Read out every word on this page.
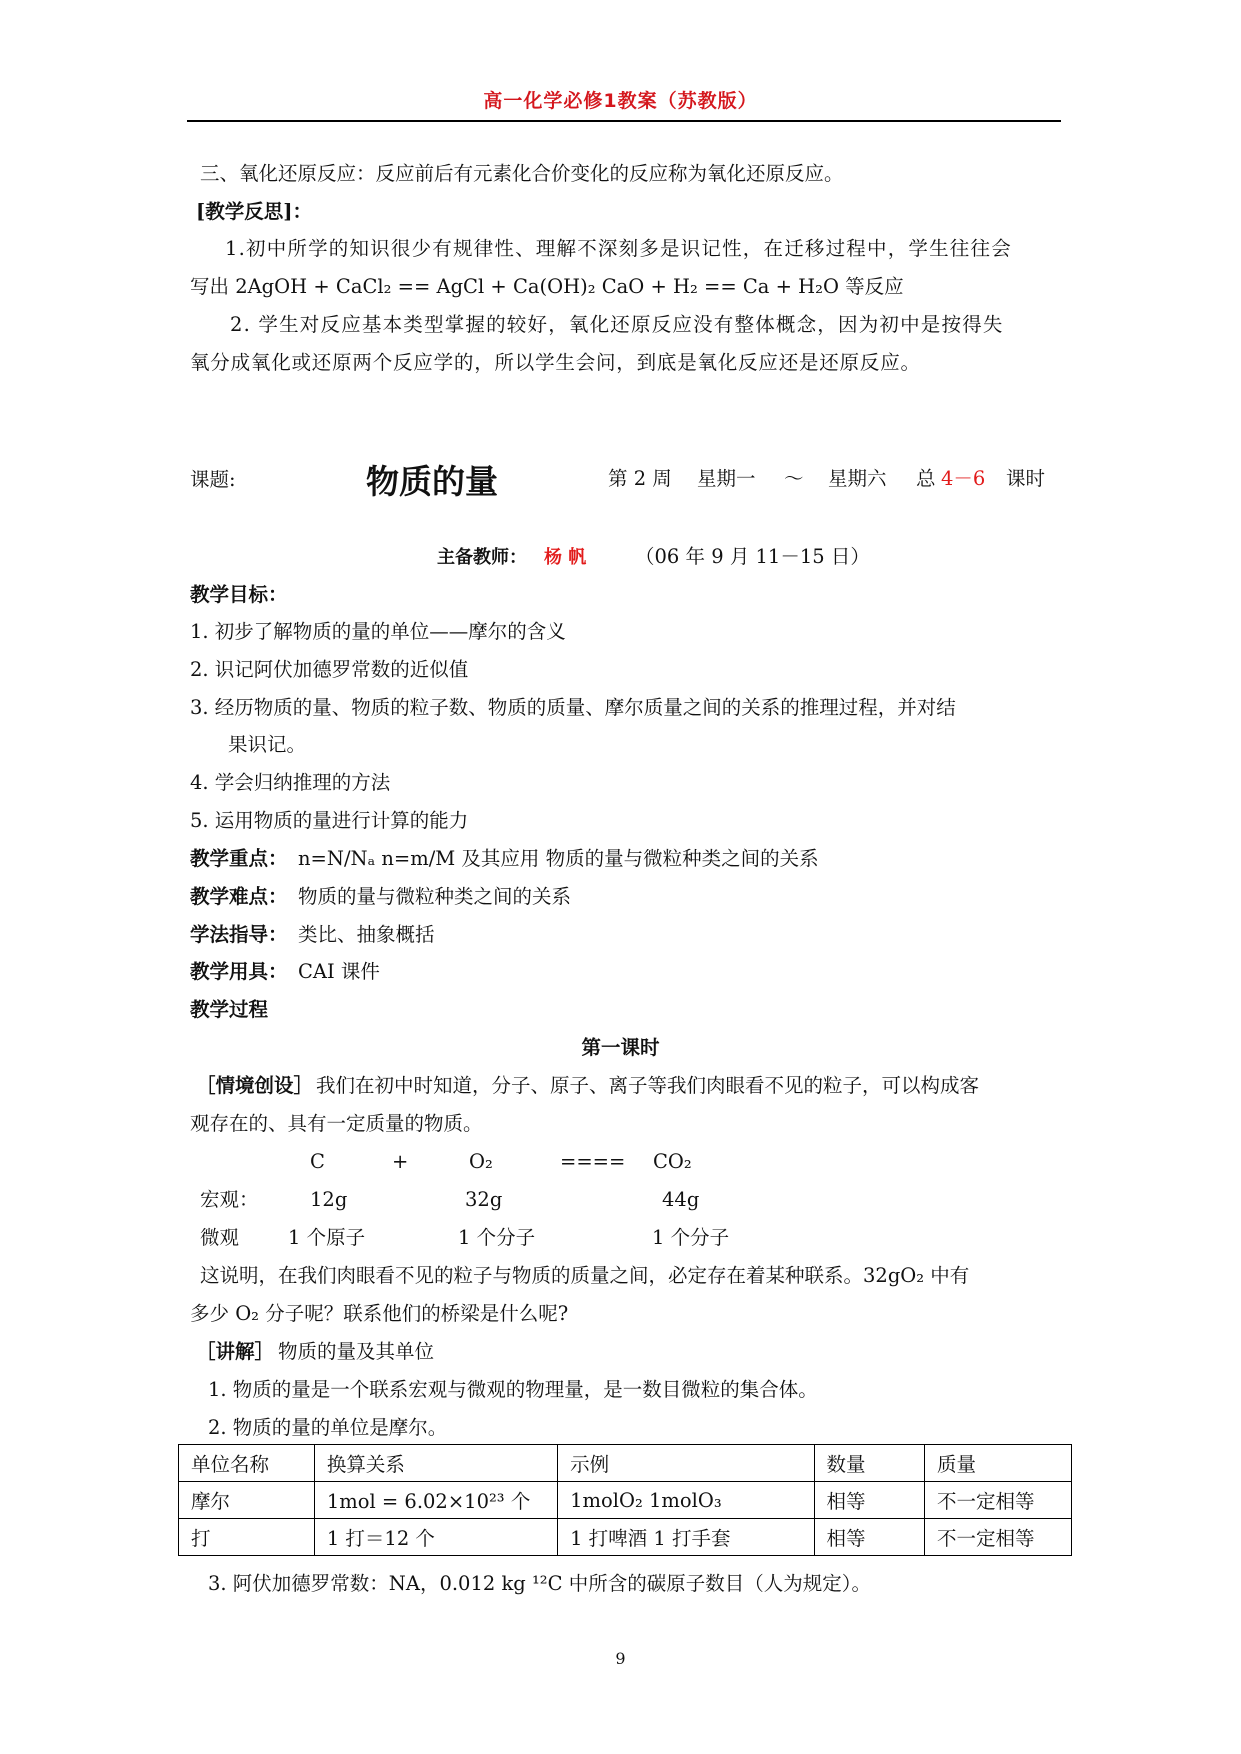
高一化学必修1教案（苏教版）
三、氧化还原反应：反应前后有元素化合价变化的反应称为氧化还原反应。
[教学反思]：
1.初中所学的知识很少有规律性、理解不深刻多是识记性，在迁移过程中，学生往往会
写出 2AgOH + CaCl₂ == AgCl + Ca(OH)₂ CaO + H₂ == Ca + H₂O 等反应
2. 学生对反应基本类型掌握的较好，氧化还原反应没有整体概念，因为初中是按得失
氧分成氧化或还原两个反应学的，所以学生会问，到底是氧化反应还是还原反应。
课题:	物质的量	第 2 周 星期一 ～ 星期六 总 4－6 课时
主备教师： 杨 帆 （06 年 9 月 11－15 日）
教学目标：
1. 初步了解物质的量的单位——摩尔的含义
2. 识记阿伏加德罗常数的近似值
3. 经历物质的量、物质的粒子数、物质的质量、摩尔质量之间的关系的推理过程，并对结
果识记。
4. 学会归纳推理的方法
5. 运用物质的量进行计算的能力
教学重点： n=N/Nₐ n=m/M 及其应用 物质的量与微粒种类之间的关系
教学难点： 物质的量与微粒种类之间的关系
学法指导： 类比、抽象概括
教学用具： CAI 课件
教学过程
第一课时
［情境创设］ 我们在初中时知道，分子、原子、离子等我们肉眼看不见的粒子，可以构成客
观存在的、具有一定质量的物质。
C	+	O₂	==== CO₂
宏观：	12g	32g	44g
微观	1 个原子	1 个分子	1 个分子
这说明，在我们肉眼看不见的粒子与物质的质量之间，必定存在着某种联系。32gO₂ 中有
多少 O₂ 分子呢？联系他们的桥梁是什么呢?
［讲解］ 物质的量及其单位
1. 物质的量是一个联系宏观与微观的物理量，是一数目微粒的集合体。
2. 物质的量的单位是摩尔。
单位名称	换算关系	示例	数量	质量
摩尔	1mol = 6.02×10²³ 个	1molO₂ 1molO₃	相等	不一定相等
打	1 打＝12 个	1 打啤酒 1 打手套	相等	不一定相等
3. 阿伏加德罗常数：NA，0.012 kg ¹²C 中所含的碳原子数目（人为规定）。
9
